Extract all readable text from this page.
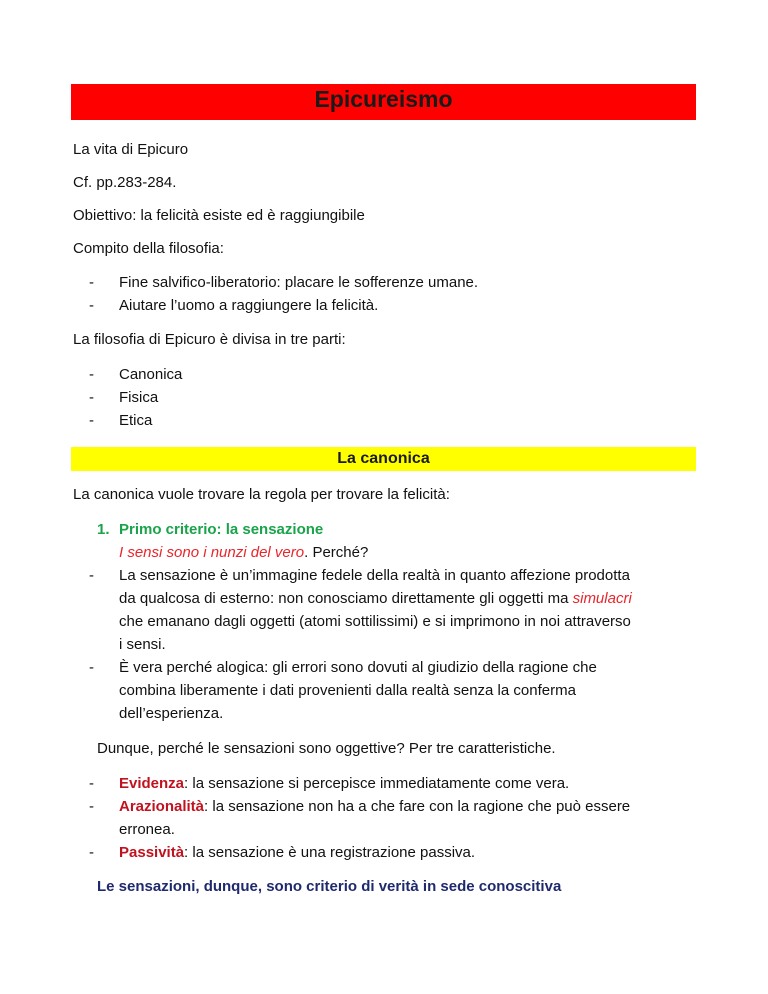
Epicureismo
La vita di Epicuro
Cf. pp.283-284.
Obiettivo: la felicità esiste ed è raggiungibile
Compito della filosofia:
- Fine salvifico-liberatorio: placare le sofferenze umane.
- Aiutare l’uomo a raggiungere la felicità.
La filosofia di Epicuro è divisa in tre parti:
- Canonica
- Fisica
- Etica
La canonica
La canonica vuole trovare la regola per trovare la felicità:
1. Primo criterio: la sensazione
I sensi sono i nunzi del vero. Perché?
- La sensazione è un’immagine fedele della realtà in quanto affezione prodotta
da qualcosa di esterno: non conosciamo direttamente gli oggetti ma simulacri
che emanano dagli oggetti (atomi sottilissimi) e si imprimono in noi attraverso
i sensi.
- È vera perché alogica: gli errori sono dovuti al giudizio della ragione che
combina liberamente i dati provenienti dalla realtà senza la conferma
dell’esperienza.
Dunque, perché le sensazioni sono oggettive? Per tre caratteristiche.
- Evidenza: la sensazione si percepisce immediatamente come vera.
- Arazionalità: la sensazione non ha a che fare con la ragione che può essere
erronea.
- Passività: la sensazione è una registrazione passiva.
Le sensazioni, dunque, sono criterio di verità in sede conoscitiva
